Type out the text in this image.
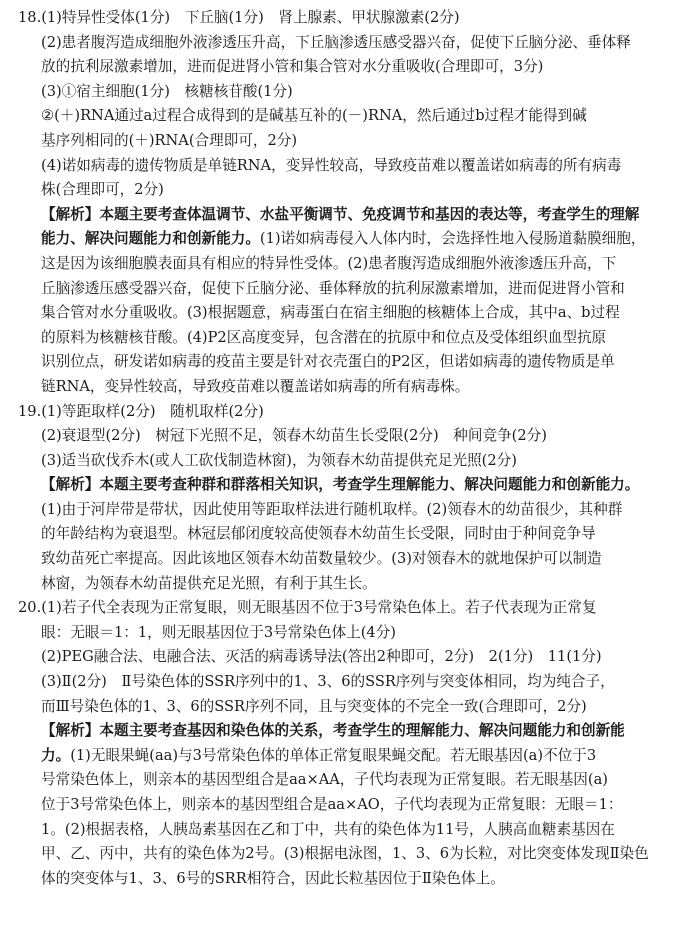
18.(1)特异性受体(1分)　下丘脑(1分)　肾上腺素、甲状腺激素(2分)
(2)患者腹泻造成细胞外液渗透压升高，下丘脑渗透压感受器兴奋，促使下丘脑分泌、垂体释
放的抗利尿激素增加，进而促进肾小管和集合管对水分重吸收(合理即可，3分)
(3)①宿主细胞(1分)　核糖核苷酸(1分)
②(＋)RNA通过a过程合成得到的是碱基互补的(－)RNA，然后通过b过程才能得到碱
基序列相同的(＋)RNA(合理即可，2分)
(4)诺如病毒的遗传物质是单链RNA，变异性较高，导致疫苗难以覆盖诺如病毒的所有病毒
株(合理即可，2分)
【解析】本题主要考查体温调节、水盐平衡调节、免疫调节和基因的表达等，考查学生的理解
能力、解决问题能力和创新能力。(1)诺如病毒侵入人体内时，会选择性地入侵肠道黏膜细胞，
这是因为该细胞膜表面具有相应的特异性受体。(2)患者腹泻造成细胞外液渗透压升高，下
丘脑渗透压感受器兴奋，促使下丘脑分泌、垂体释放的抗利尿激素增加，进而促进肾小管和
集合管对水分重吸收。(3)根据题意，病毒蛋白在宿主细胞的核糖体上合成，其中a、b过程
的原料为核糖核苷酸。(4)P2区高度变异，包含潜在的抗原中和位点及受体组织血型抗原
识别位点，研发诺如病毒的疫苗主要是针对衣壳蛋白的P2区，但诺如病毒的遗传物质是单
链RNA，变异性较高，导致疫苗难以覆盖诺如病毒的所有病毒株。
19.(1)等距取样(2分)　随机取样(2分)
(2)衰退型(2分)　树冠下光照不足，领春木幼苗生长受限(2分)　种间竞争(2分)
(3)适当砍伐乔木(或人工砍伐制造林窗)，为领春木幼苗提供充足光照(2分)
【解析】本题主要考查种群和群落相关知识，考查学生理解能力、解决问题能力和创新能力。
(1)由于河岸带是带状，因此使用等距取样法进行随机取样。(2)领春木的幼苗很少，其种群
的年龄结构为衰退型。林冠层郁闭度较高使领春木幼苗生长受限，同时由于种间竞争导
致幼苗死亡率提高。因此该地区领春木幼苗数量较少。(3)对领春木的就地保护可以制造
林窗，为领春木幼苗提供充足光照，有利于其生长。
20.(1)若子代全表现为正常复眼，则无眼基因不位于3号常染色体上。若子代表现为正常复
眼：无眼＝1：1，则无眼基因位于3号常染色体上(4分)
(2)PEG融合法、电融合法、灭活的病毒诱导法(答出2种即可，2分)　2(1分)　11(1分)
(3)Ⅱ(2分)　Ⅱ号染色体的SSR序列中的1、3、6的SSR序列与突变体相同，均为纯合子，
而Ⅲ号染色体的1、3、6的SSR序列不同，且与突变体的不完全一致(合理即可，2分)
【解析】本题主要考查基因和染色体的关系，考查学生的理解能力、解决问题能力和创新能
力。(1)无眼果蝇(aa)与3号常染色体的单体正常复眼果蝇交配。若无眼基因(a)不位于3
号常染色体上，则亲本的基因型组合是aa×AA，子代均表现为正常复眼。若无眼基因(a)
位于3号常染色体上，则亲本的基因型组合是aa×AO，子代均表现为正常复眼：无眼＝1：
1。(2)根据表格，人胰岛素基因在乙和丁中，共有的染色体为11号，人胰高血糖素基因在
甲、乙、丙中，共有的染色体为2号。(3)根据电泳图，1、3、6为长粒，对比突变体发现Ⅱ染色
体的突变体与1、3、6号的SRR相符合，因此长粒基因位于Ⅱ染色体上。
